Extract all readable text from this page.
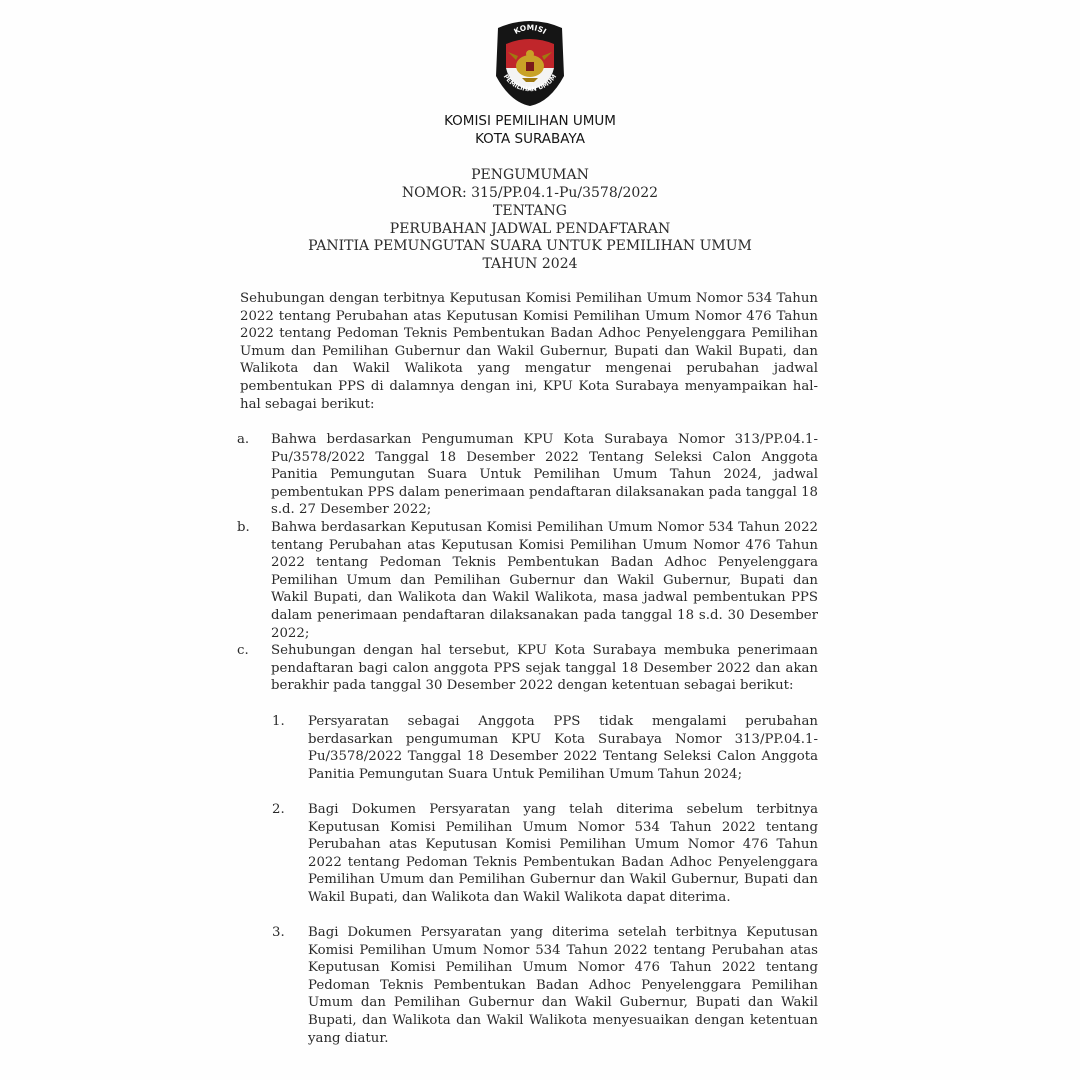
KOMISI
PEMILIHAN UMUM
KOMISI PEMILIHAN UMUM
KOTA SURABAYA
PENGUMUMAN
NOMOR: 315/PP.04.1-Pu/3578/2022
TENTANG
PERUBAHAN JADWAL PENDAFTARAN
PANITIA PEMUNGUTAN SUARA UNTUK PEMILIHAN UMUM
TAHUN 2024

Sehubungan dengan terbitnya Keputusan Komisi Pemilihan Umum Nomor 534 Tahun 2022 tentang Perubahan atas Keputusan Komisi Pemilihan Umum Nomor 476 Tahun 2022 tentang Pedoman Teknis Pembentukan Badan Adhoc Penyelenggara Pemilihan Umum dan Pemilihan Gubernur dan Wakil Gubernur, Bupati dan Wakil Bupati, dan Walikota dan Wakil Walikota yang mengatur mengenai perubahan jadwal pembentukan PPS di dalamnya dengan ini, KPU Kota Surabaya menyampaikan hal-hal sebagai berikut:

a. Bahwa berdasarkan Pengumuman KPU Kota Surabaya Nomor 313/PP.04.1-Pu/3578/2022 Tanggal 18 Desember 2022 Tentang Seleksi Calon Anggota Panitia Pemungutan Suara Untuk Pemilihan Umum Tahun 2024, jadwal pembentukan PPS dalam penerimaan pendaftaran dilaksanakan pada tanggal 18 s.d. 27 Desember 2022;

b. Bahwa berdasarkan Keputusan Komisi Pemilihan Umum Nomor 534 Tahun 2022 tentang Perubahan atas Keputusan Komisi Pemilihan Umum Nomor 476 Tahun 2022 tentang Pedoman Teknis Pembentukan Badan Adhoc Penyelenggara Pemilihan Umum dan Pemilihan Gubernur dan Wakil Gubernur, Bupati dan Wakil Bupati, dan Walikota dan Wakil Walikota, masa jadwal pembentukan PPS dalam penerimaan pendaftaran dilaksanakan pada tanggal 18 s.d. 30 Desember 2022;

c. Sehubungan dengan hal tersebut, KPU Kota Surabaya membuka penerimaan pendaftaran bagi calon anggota PPS sejak tanggal 18 Desember 2022 dan akan berakhir pada tanggal 30 Desember 2022 dengan ketentuan sebagai berikut:

1. Persyaratan sebagai Anggota PPS tidak mengalami perubahan berdasarkan pengumuman KPU Kota Surabaya Nomor 313/PP.04.1-Pu/3578/2022 Tanggal 18 Desember 2022 Tentang Seleksi Calon Anggota Panitia Pemungutan Suara Untuk Pemilihan Umum Tahun 2024;

2. Bagi Dokumen Persyaratan yang telah diterima sebelum terbitnya Keputusan Komisi Pemilihan Umum Nomor 534 Tahun 2022 tentang Perubahan atas Keputusan Komisi Pemilihan Umum Nomor 476 Tahun 2022 tentang Pedoman Teknis Pembentukan Badan Adhoc Penyelenggara Pemilihan Umum dan Pemilihan Gubernur dan Wakil Gubernur, Bupati dan Wakil Bupati, dan Walikota dan Wakil Walikota dapat diterima.

3. Bagi Dokumen Persyaratan yang diterima setelah terbitnya Keputusan Komisi Pemilihan Umum Nomor 534 Tahun 2022 tentang Perubahan atas Keputusan Komisi Pemilihan Umum Nomor 476 Tahun 2022 tentang Pedoman Teknis Pembentukan Badan Adhoc Penyelenggara Pemilihan Umum dan Pemilihan Gubernur dan Wakil Gubernur, Bupati dan Wakil Bupati, dan Walikota dan Wakil Walikota menyesuaikan dengan ketentuan yang diatur.
